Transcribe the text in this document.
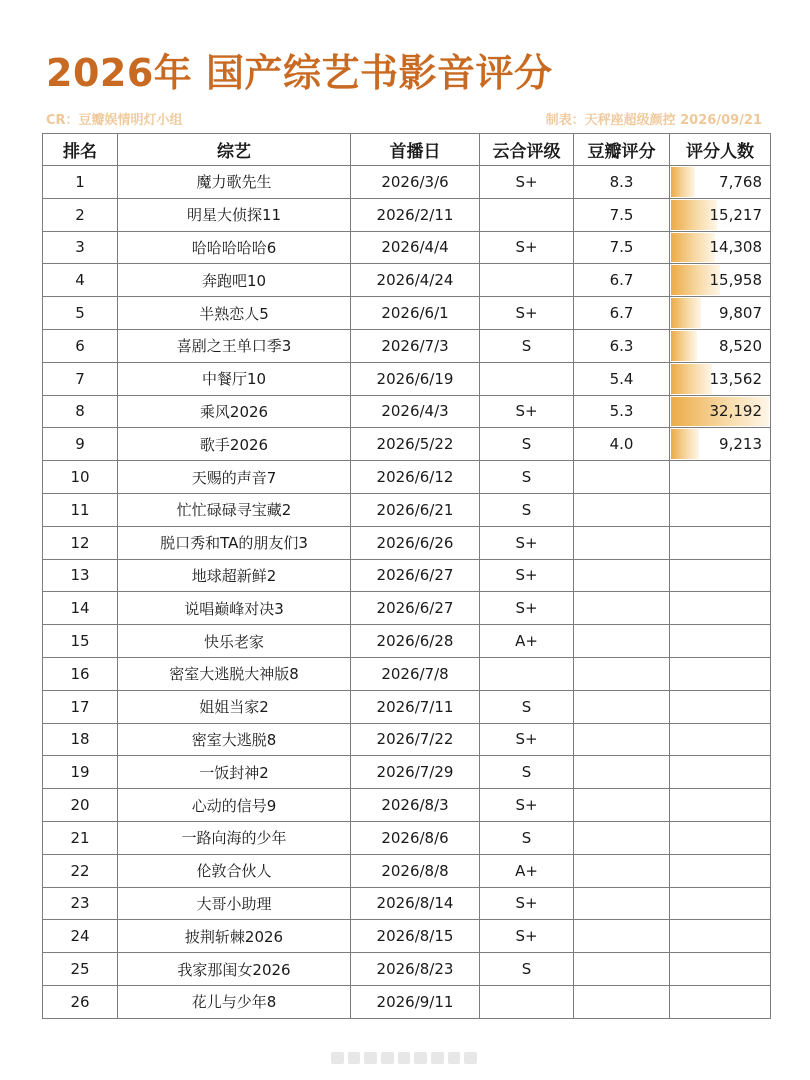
2026年 国产综艺书影音评分
CR：豆瓣娱情明灯小组	制表：天秤座超级颜控 2026/09/21
排名	综艺	首播日	云合评级	豆瓣评分	评分人数
1	魔力歌先生	2026/3/6	S+	8.3	7,768
2	明星大侦探11	2026/2/11		7.5	15,217
3	哈哈哈哈哈6	2026/4/4	S+	7.5	14,308
4	奔跑吧10	2026/4/24		6.7	15,958
5	半熟恋人5	2026/6/1	S+	6.7	9,807
6	喜剧之王单口季3	2026/7/3	S	6.3	8,520
7	中餐厅10	2026/6/19		5.4	13,562
8	乘风2026	2026/4/3	S+	5.3	32,192
9	歌手2026	2026/5/22	S	4.0	9,213
10	天赐的声音7	2026/6/12	S		
11	忙忙碌碌寻宝藏2	2026/6/21	S		
12	脱口秀和TA的朋友们3	2026/6/26	S+		
13	地球超新鲜2	2026/6/27	S+		
14	说唱巅峰对决3	2026/6/27	S+		
15	快乐老家	2026/6/28	A+		
16	密室大逃脱大神版8	2026/7/8			
17	姐姐当家2	2026/7/11	S		
18	密室大逃脱8	2026/7/22	S+		
19	一饭封神2	2026/7/29	S		
20	心动的信号9	2026/8/3	S+		
21	一路向海的少年	2026/8/6	S		
22	伦敦合伙人	2026/8/8	A+		
23	大哥小助理	2026/8/14	S+		
24	披荆斩棘2026	2026/8/15	S+		
25	我家那闺女2026	2026/8/23	S		
26	花儿与少年8	2026/9/11			
